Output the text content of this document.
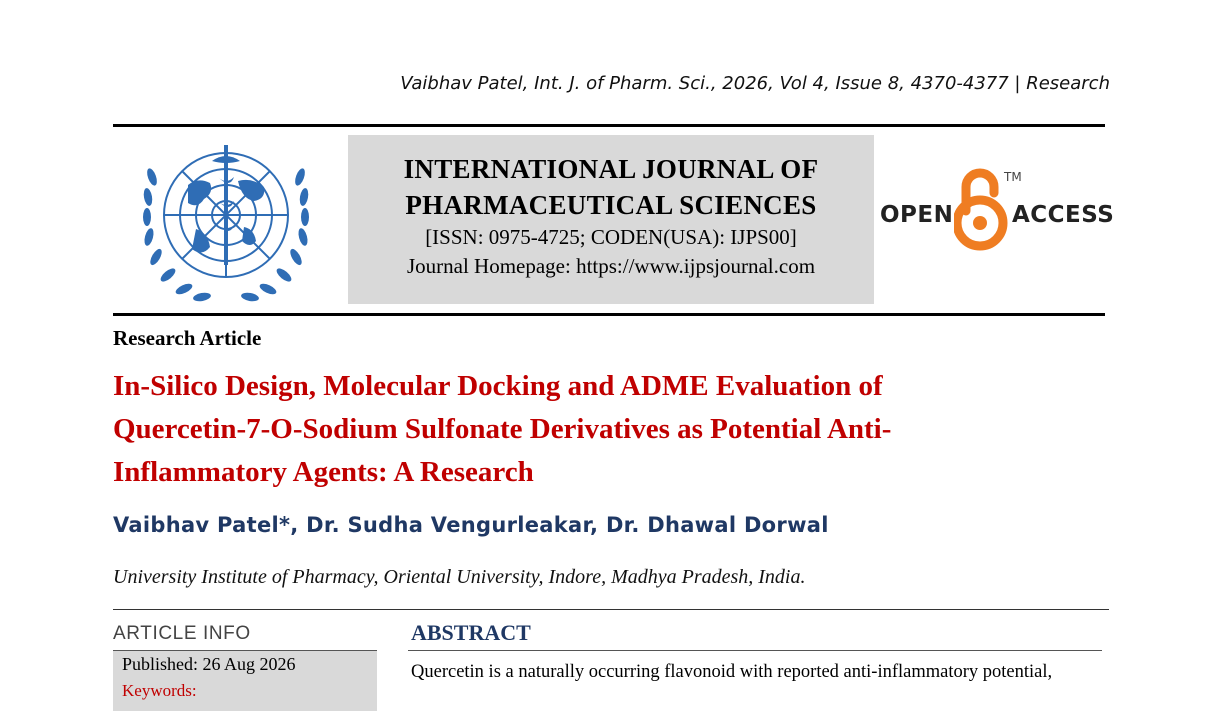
Vaibhav Patel, Int. J. of Pharm. Sci., 2026, Vol 4, Issue 8, 4370-4377 | Research
INTERNATIONAL JOURNAL OF
PHARMACEUTICAL SCIENCES
[ISSN: 0975-4725; CODEN(USA): IJPS00]
Journal Homepage: https://www.ijpsjournal.com
OPEN
TM
ACCESS
Research Article
In-Silico Design, Molecular Docking and ADME Evaluation of Quercetin-7-O-Sodium Sulfonate Derivatives as Potential Anti-Inflammatory Agents: A Research
Vaibhav Patel*, Dr. Sudha Vengurleakar, Dr. Dhawal Dorwal
University Institute of Pharmacy, Oriental University, Indore, Madhya Pradesh, India.
ARTICLE INFO
Published: 26 Aug 2026
Keywords:
ABSTRACT
Quercetin is a naturally occurring flavonoid with reported anti-inflammatory potential,
